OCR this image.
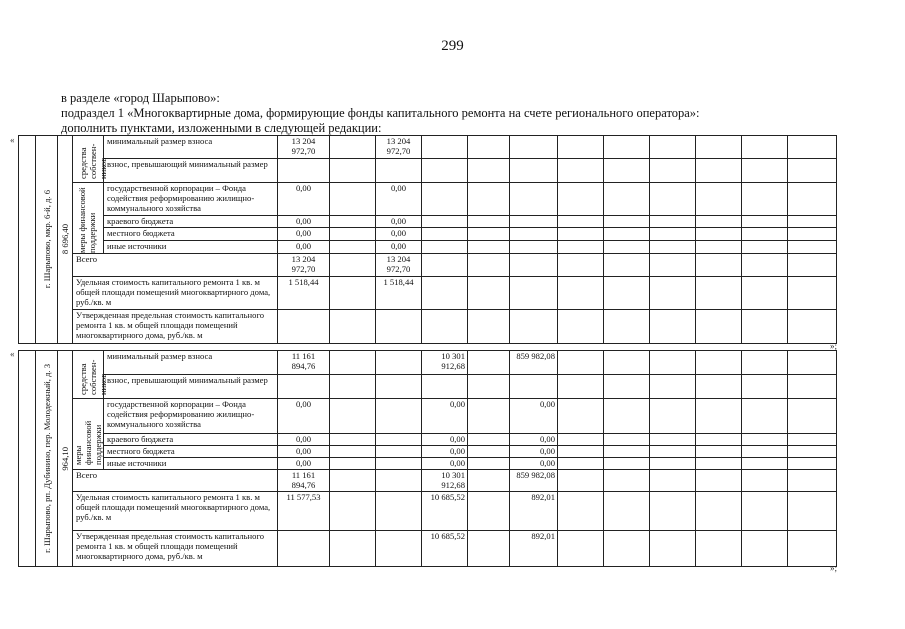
299
в разделе «город Шарыпово»:
подраздел 1 «Многоквартирные дома, формирующие фонды капитального ремонта на счете регионального оператора»:
дополнить пунктами, изложенными в следующей редакции:
«
«
»;
»;

	г. Шарыпово, мкр. 6-й, д. 6	8 696,40	средства собствен-ников	минимальный размер взноса	13 204 972,70		13 204 972,70									
				взнос, превышающий минимальный размер												

			меры финансовой поддержки	государственной корпорации – Фонда содействия реформированию жилищно-коммунального хозяйства	0,00		0,00									
				краевого бюджета	0,00		0,00									
				местного бюджета	0,00		0,00									
				иные источники	0,00		0,00									
			Всего		13 204 972,70		13 204 972,70									
			Удельная стоимость капитального ремонта 1 кв. м общей площади помещений многоквартирного дома, руб./кв. м		1 518,44		1 518,44									
			Утвержденная предельная стоимость капитального ремонта 1 кв. м общей площади помещений многоквартирного дома, руб./кв. м													

	г. Шарыпово, рп. Дубинино, пер. Молодежный, д. 3	964,10	средства собствен-ников	минимальный размер взноса	11 161 894,76			10 301 912,68		859 982,08						
				взнос, превышающий минимальный размер												

			меры финансовой поддержки	государственной корпорации – Фонда содействия реформированию жилищно-коммунального хозяйства	0,00			0,00		0,00						
				краевого бюджета	0,00			0,00		0,00						
				местного бюджета	0,00			0,00		0,00						
				иные источники	0,00			0,00		0,00						
			Всего		11 161 894,76			10 301 912,68		859 982,08						
			Удельная стоимость капитального ремонта 1 кв. м общей площади помещений многоквартирного дома, руб./кв. м		11 577,53			10 685,52		892,01						
			Утвержденная предельная стоимость капитального ремонта 1 кв. м общей площади помещений многоквартирного дома, руб./кв. м					10 685,52		892,01						
